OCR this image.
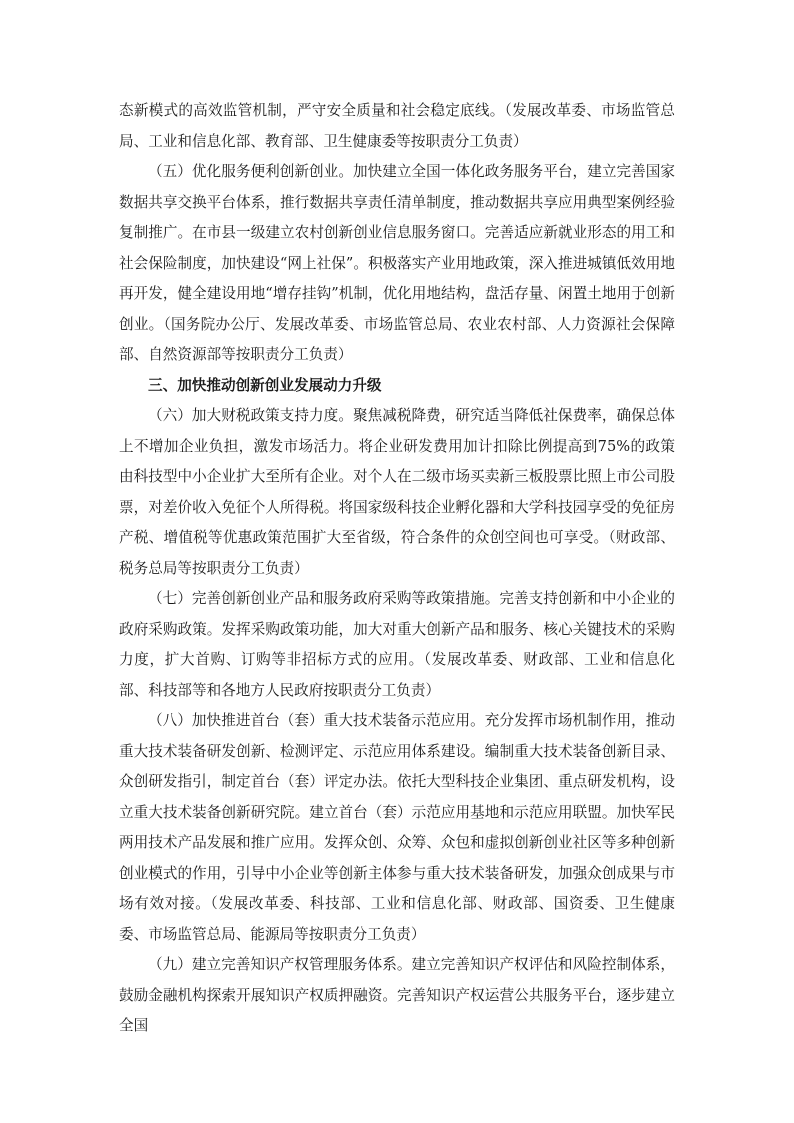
态新模式的高效监管机制，严守安全质量和社会稳定底线。（发展改革委、市场监管总局、工业和信息化部、教育部、卫生健康委等按职责分工负责）

（五）优化服务便利创新创业。加快建立全国一体化政务服务平台，建立完善国家数据共享交换平台体系，推行数据共享责任清单制度，推动数据共享应用典型案例经验复制推广。在市县一级建立农村创新创业信息服务窗口。完善适应新就业形态的用工和社会保险制度，加快建设“网上社保”。积极落实产业用地政策，深入推进城镇低效用地再开发，健全建设用地“增存挂钩”机制，优化用地结构，盘活存量、闲置土地用于创新创业。（国务院办公厅、发展改革委、市场监管总局、农业农村部、人力资源社会保障部、自然资源部等按职责分工负责）

三、加快推动创新创业发展动力升级

（六）加大财税政策支持力度。聚焦减税降费，研究适当降低社保费率，确保总体上不增加企业负担，激发市场活力。将企业研发费用加计扣除比例提高到75%的政策由科技型中小企业扩大至所有企业。对个人在二级市场买卖新三板股票比照上市公司股票，对差价收入免征个人所得税。将国家级科技企业孵化器和大学科技园享受的免征房产税、增值税等优惠政策范围扩大至省级，符合条件的众创空间也可享受。（财政部、税务总局等按职责分工负责）

（七）完善创新创业产品和服务政府采购等政策措施。完善支持创新和中小企业的政府采购政策。发挥采购政策功能，加大对重大创新产品和服务、核心关键技术的采购力度，扩大首购、订购等非招标方式的应用。（发展改革委、财政部、工业和信息化部、科技部等和各地方人民政府按职责分工负责）

（八）加快推进首台（套）重大技术装备示范应用。充分发挥市场机制作用，推动重大技术装备研发创新、检测评定、示范应用体系建设。编制重大技术装备创新目录、众创研发指引，制定首台（套）评定办法。依托大型科技企业集团、重点研发机构，设立重大技术装备创新研究院。建立首台（套）示范应用基地和示范应用联盟。加快军民两用技术产品发展和推广应用。发挥众创、众筹、众包和虚拟创新创业社区等多种创新创业模式的作用，引导中小企业等创新主体参与重大技术装备研发，加强众创成果与市场有效对接。（发展改革委、科技部、工业和信息化部、财政部、国资委、卫生健康委、市场监管总局、能源局等按职责分工负责）

（九）建立完善知识产权管理服务体系。建立完善知识产权评估和风险控制体系，鼓励金融机构探索开展知识产权质押融资。完善知识产权运营公共服务平台，逐步建立全国
